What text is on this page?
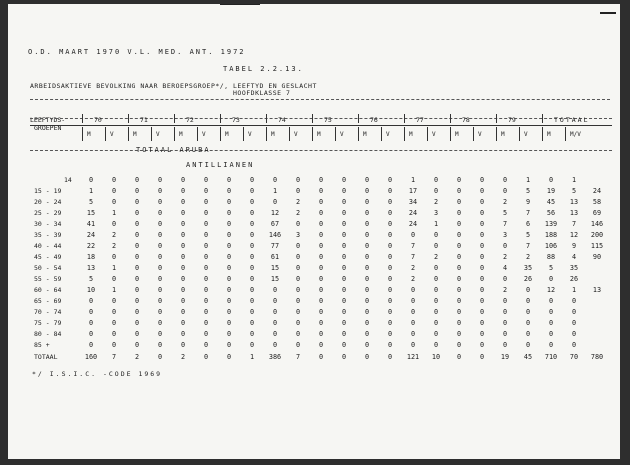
O.D. MAART 1970 V.L. MED. ANT. 1972
TABEL 2.2.13.
ARBEIDSAKTIEVE BEVOLKING NAAR BEROEPSGROEP*/, LEEFTYD EN GESLACHT
HOOFDKLASSE 7
LEEFTYDS-
GROEPEN
70	71	72	73	74	75	76	77	78	79	TOTAAL
M	V	M	V	M	V	M	V	M	V	M	V	M	V	M	V	M	V	M	V	M	M/V
TOTAAL ARUBA
ANTILLIANEN
14	0	0	0	0	0	0	0	0	0	0	0	0	0	0	1	0	0	0	0	1	0	1
15 - 19	1	0	0	0	0	0	0	0	1	0	0	0	0	0	17	0	0	0	0	5	19	5	24
20 - 24	5	0	0	0	0	0	0	0	0	2	0	0	0	0	34	2	0	0	2	9	45	13	58
25 - 29	15	1	0	0	0	0	0	0	12	2	0	0	0	0	24	3	0	0	5	7	56	13	69
30 - 34	41	0	0	0	0	0	0	0	67	0	0	0	0	0	24	1	0	0	7	6	139	7	146
35 - 39	24	2	0	0	0	0	0	0	146	3	0	0	0	0	0	0	0	0	3	5	188	12	200
40 - 44	22	2	0	0	0	0	0	0	77	0	0	0	0	0	7	0	0	0	0	7	106	9	115
45 - 49	18	0	0	0	0	0	0	0	61	0	0	0	0	0	7	2	0	0	2	2	88	4	90
50 - 54	13	1	0	0	0	0	0	0	15	0	0	0	0	0	2	0	0	0	4	35	5	35
55 - 59	5	0	0	0	0	0	0	0	15	0	0	0	0	0	2	0	0	0	0	26	0	26
60 - 64	10	1	0	0	0	0	0	0	0	0	0	0	0	0	0	0	0	0	2	0	12	1	13
65 - 69	0	0	0	0	0	0	0	0	0	0	0	0	0	0	0	0	0	0	0	0	0	0
70 - 74	0	0	0	0	0	0	0	0	0	0	0	0	0	0	0	0	0	0	0	0	0	0
75 - 79	0	0	0	0	0	0	0	0	0	0	0	0	0	0	0	0	0	0	0	0	0	0
80 - 84	0	0	0	0	0	0	0	0	0	0	0	0	0	0	0	0	0	0	0	0	0	0
85 +	0	0	0	0	0	0	0	0	0	0	0	0	0	0	0	0	0	0	0	0	0	0
TOTAAL	160	7	2	0	2	0	0	1	386	7	0	0	0	0	121	10	0	0	19	45	710	70	780
*/ I.S.I.C. -CODE 1969
